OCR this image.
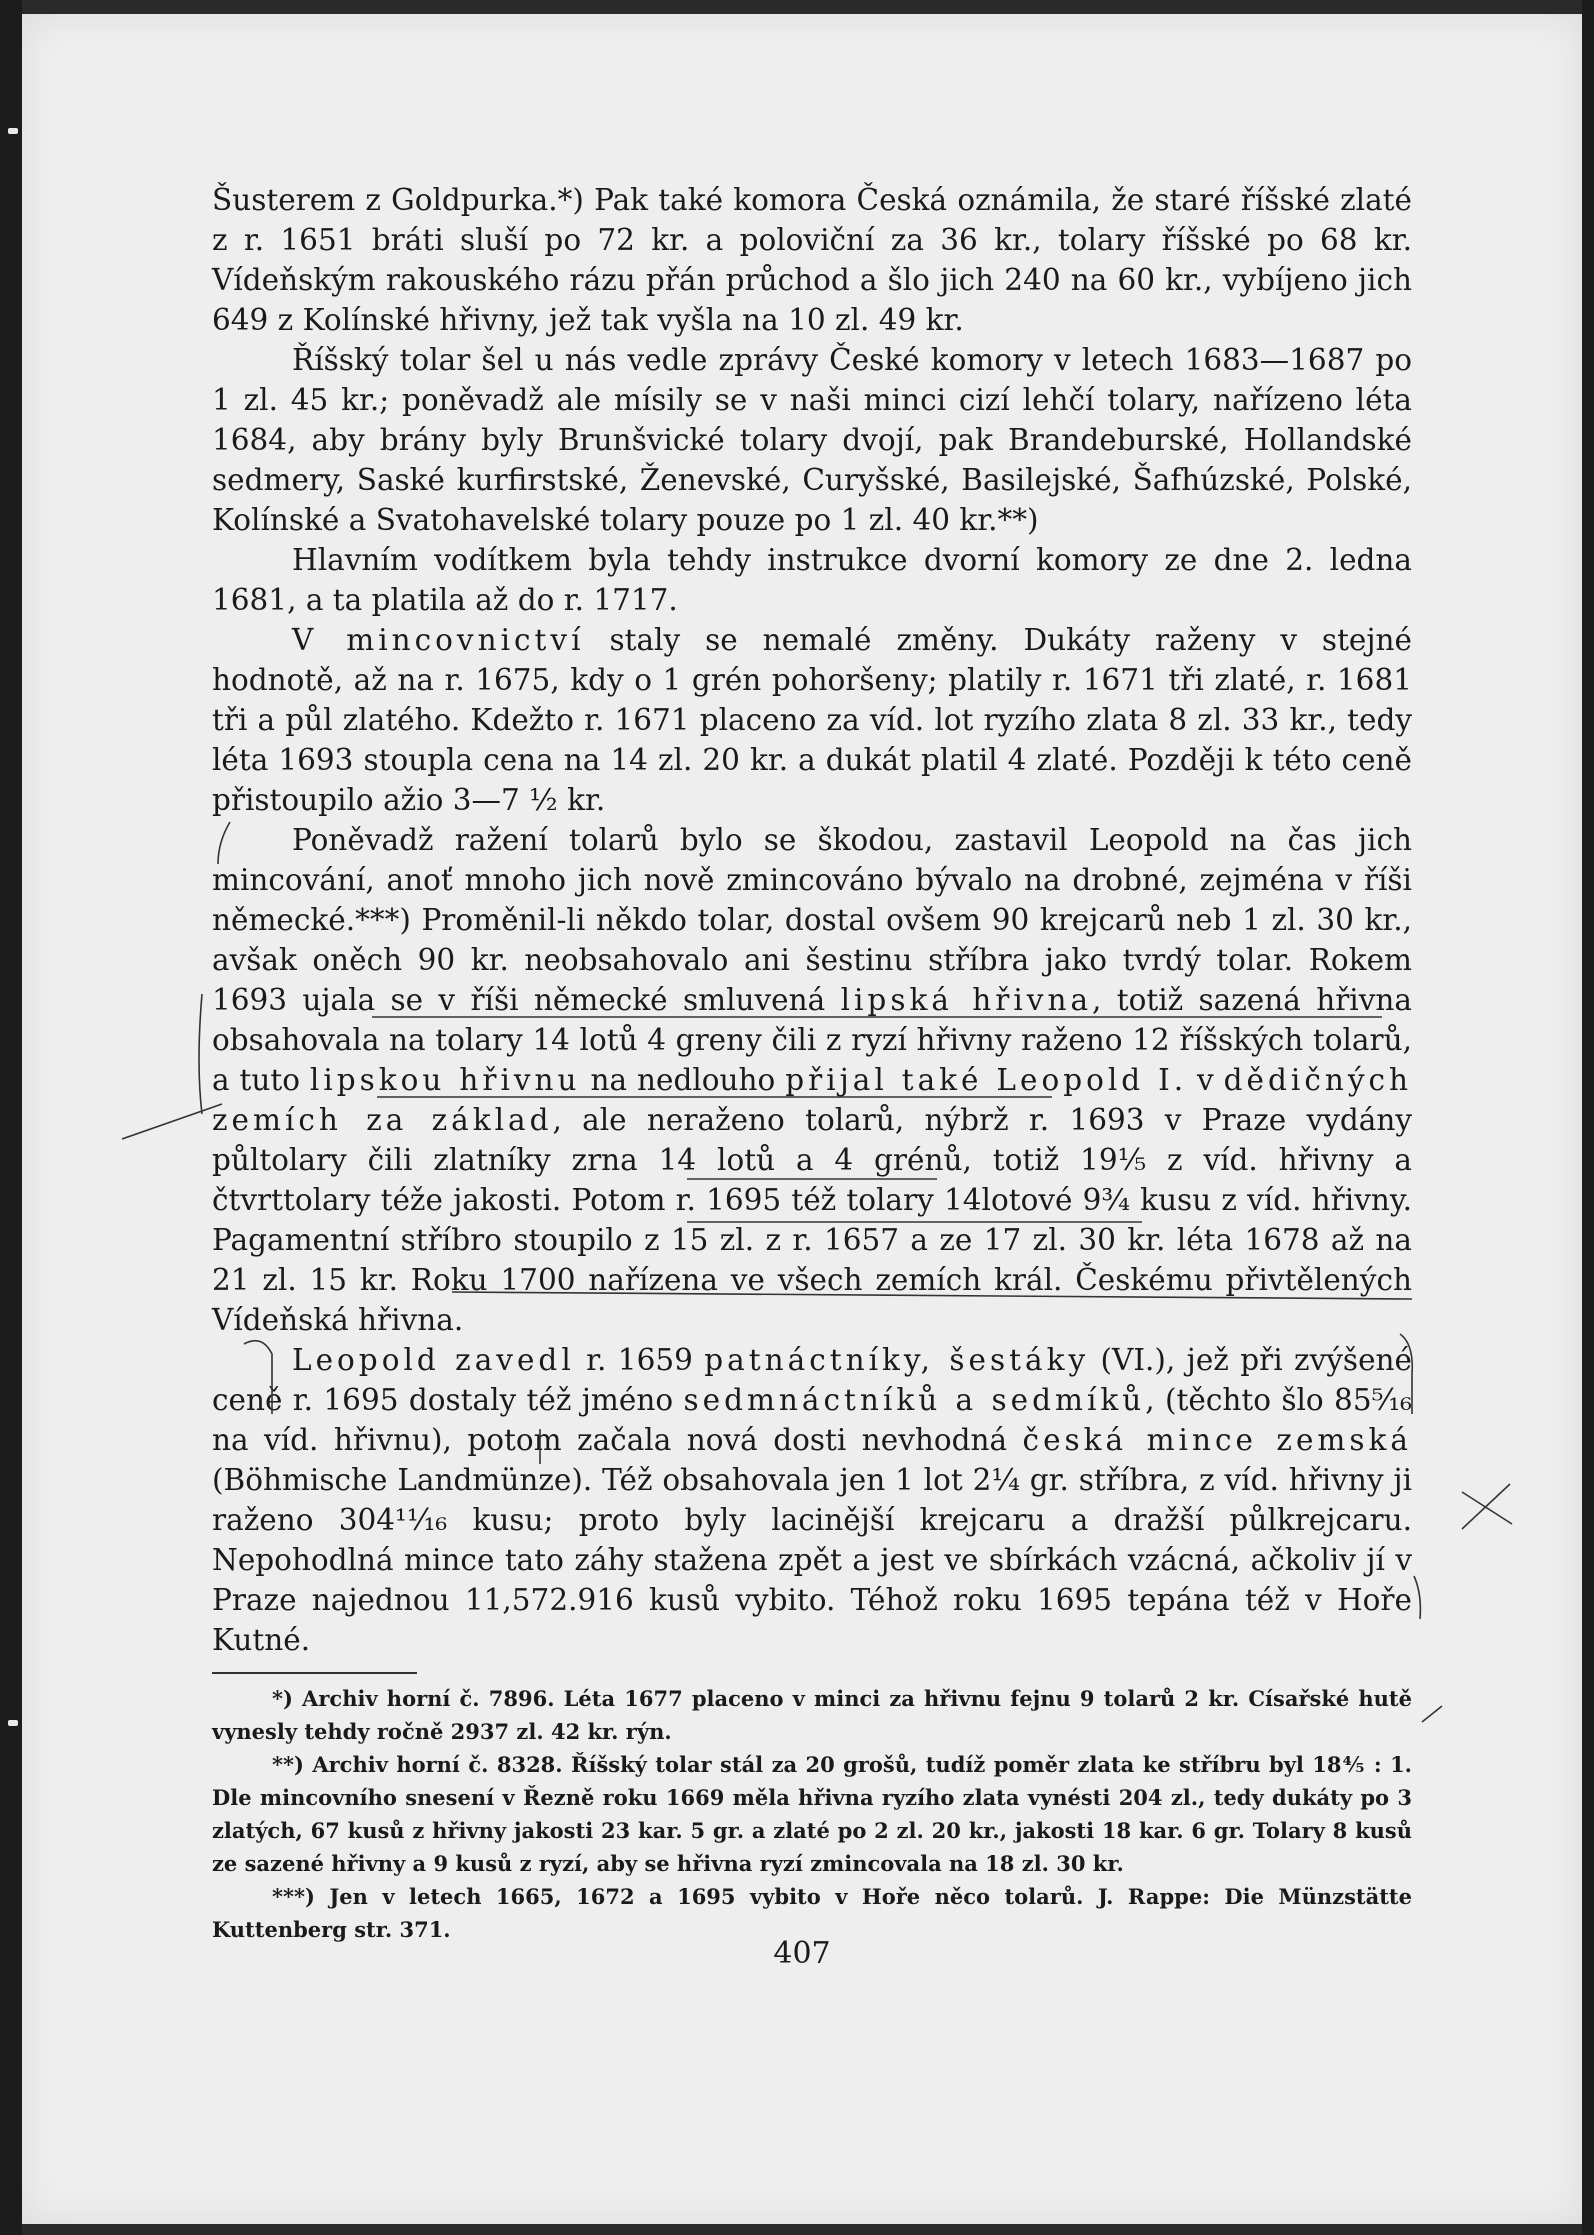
Šusterem z Goldpurka.*) Pak také komora Česká oznámila, že staré říšské zlaté z r. 1651 bráti sluší po 72 kr. a poloviční za 36 kr., tolary říšské po 68 kr. Vídeňským rakouského rázu přán průchod a šlo jich 240 na 60 kr., vybíjeno jich 649 z Kolínské hřivny, jež tak vyšla na 10 zl. 49 kr.

Říšský tolar šel u nás vedle zprávy České komory v letech 1683—1687 po 1 zl. 45 kr.; poněvadž ale mísily se v naši minci cizí lehčí tolary, nařízeno léta 1684, aby brány byly Brunšvické tolary dvojí, pak Brandeburské, Hollandské sedmery, Saské kurfirstské, Ženevské, Curyšské, Basilejské, Šafhúzské, Polské, Kolínské a Svatohavelské tolary pouze po 1 zl. 40 kr.**)

Hlavním vodítkem byla tehdy instrukce dvorní komory ze dne 2. ledna 1681, a ta platila až do r. 1717.

V mincovnictví staly se nemalé změny. Dukáty raženy v stejné hodnotě, až na r. 1675, kdy o 1 grén pohoršeny; platily r. 1671 tři zlaté, r. 1681 tři a půl zlatého. Kdežto r. 1671 placeno za víd. lot ryzího zlata 8 zl. 33 kr., tedy léta 1693 stoupla cena na 14 zl. 20 kr. a dukát platil 4 zlaté. Později k této ceně přistoupilo ažio 3—7 ½ kr.

Poněvadž ražení tolarů bylo se škodou, zastavil Leopold na čas jich mincování, anoť mnoho jich nově zmincováno bývalo na drobné, zejména v říši německé.***) Proměnil-li někdo tolar, dostal ovšem 90 krejcarů neb 1 zl. 30 kr., avšak oněch 90 kr. neobsahovalo ani šestinu stříbra jako tvrdý tolar. Rokem 1693 ujala se v říši německé smluvená lipská hřivna, totiž sazená hřivna obsahovala na tolary 14 lotů 4 greny čili z ryzí hřivny raženo 12 říšských tolarů, a tuto lipskou hřivnu na nedlouho přijal také Leopold I. v dědičných zemích za základ, ale neraženo tolarů, nýbrž r. 1693 v Praze vydány půltolary čili zlatníky zrna 14 lotů a 4 grénů, totiž 19⅕ z víd. hřivny a čtvrttolary téže jakosti. Potom r. 1695 též tolary 14lotové 9¾ kusu z víd. hřivny. Pagamentní stříbro stoupilo z 15 zl. z r. 1657 a ze 17 zl. 30 kr. léta 1678 až na 21 zl. 15 kr. Roku 1700 nařízena ve všech zemích král. Českému přivtělených Vídeňská hřivna.

Leopold zavedl r. 1659 patnáctníky, šestáky (VI.), jež při zvýšené ceně r. 1695 dostaly též jméno sedmnáctníků a sedmíků, (těchto šlo 85⁵⁄₁₆ na víd. hřivnu), potom začala nová dosti nevhodná česká mince zemská (Böhmische Landmünze). Též obsahovala jen 1 lot 2¼ gr. stříbra, z víd. hřivny ji raženo 304¹¹⁄₁₆ kusu; proto byly lacinější krejcaru a dražší půlkrejcaru. Nepohodlná mince tato záhy stažena zpět a jest ve sbírkách vzácná, ačkoliv jí v Praze najednou 11,572.916 kusů vybito. Téhož roku 1695 tepána též v Hoře Kutné.

*) Archiv horní č. 7896. Léta 1677 placeno v minci za hřivnu fejnu 9 tolarů 2 kr. Císařské hutě vynesly tehdy ročně 2937 zl. 42 kr. rýn.

**) Archiv horní č. 8328. Říšský tolar stál za 20 grošů, tudíž poměr zlata ke stříbru byl 18⅘ : 1. Dle mincovního snesení v Řezně roku 1669 měla hřivna ryzího zlata vynésti 204 zl., tedy dukáty po 3 zlatých, 67 kusů z hřivny jakosti 23 kar. 5 gr. a zlaté po 2 zl. 20 kr., jakosti 18 kar. 6 gr. Tolary 8 kusů ze sazené hřivny a 9 kusů z ryzí, aby se hřivna ryzí zmincovala na 18 zl. 30 kr.

***) Jen v letech 1665, 1672 a 1695 vybito v Hoře něco tolarů. J. Rappe: Die Münzstätte Kuttenberg str. 371.

407
